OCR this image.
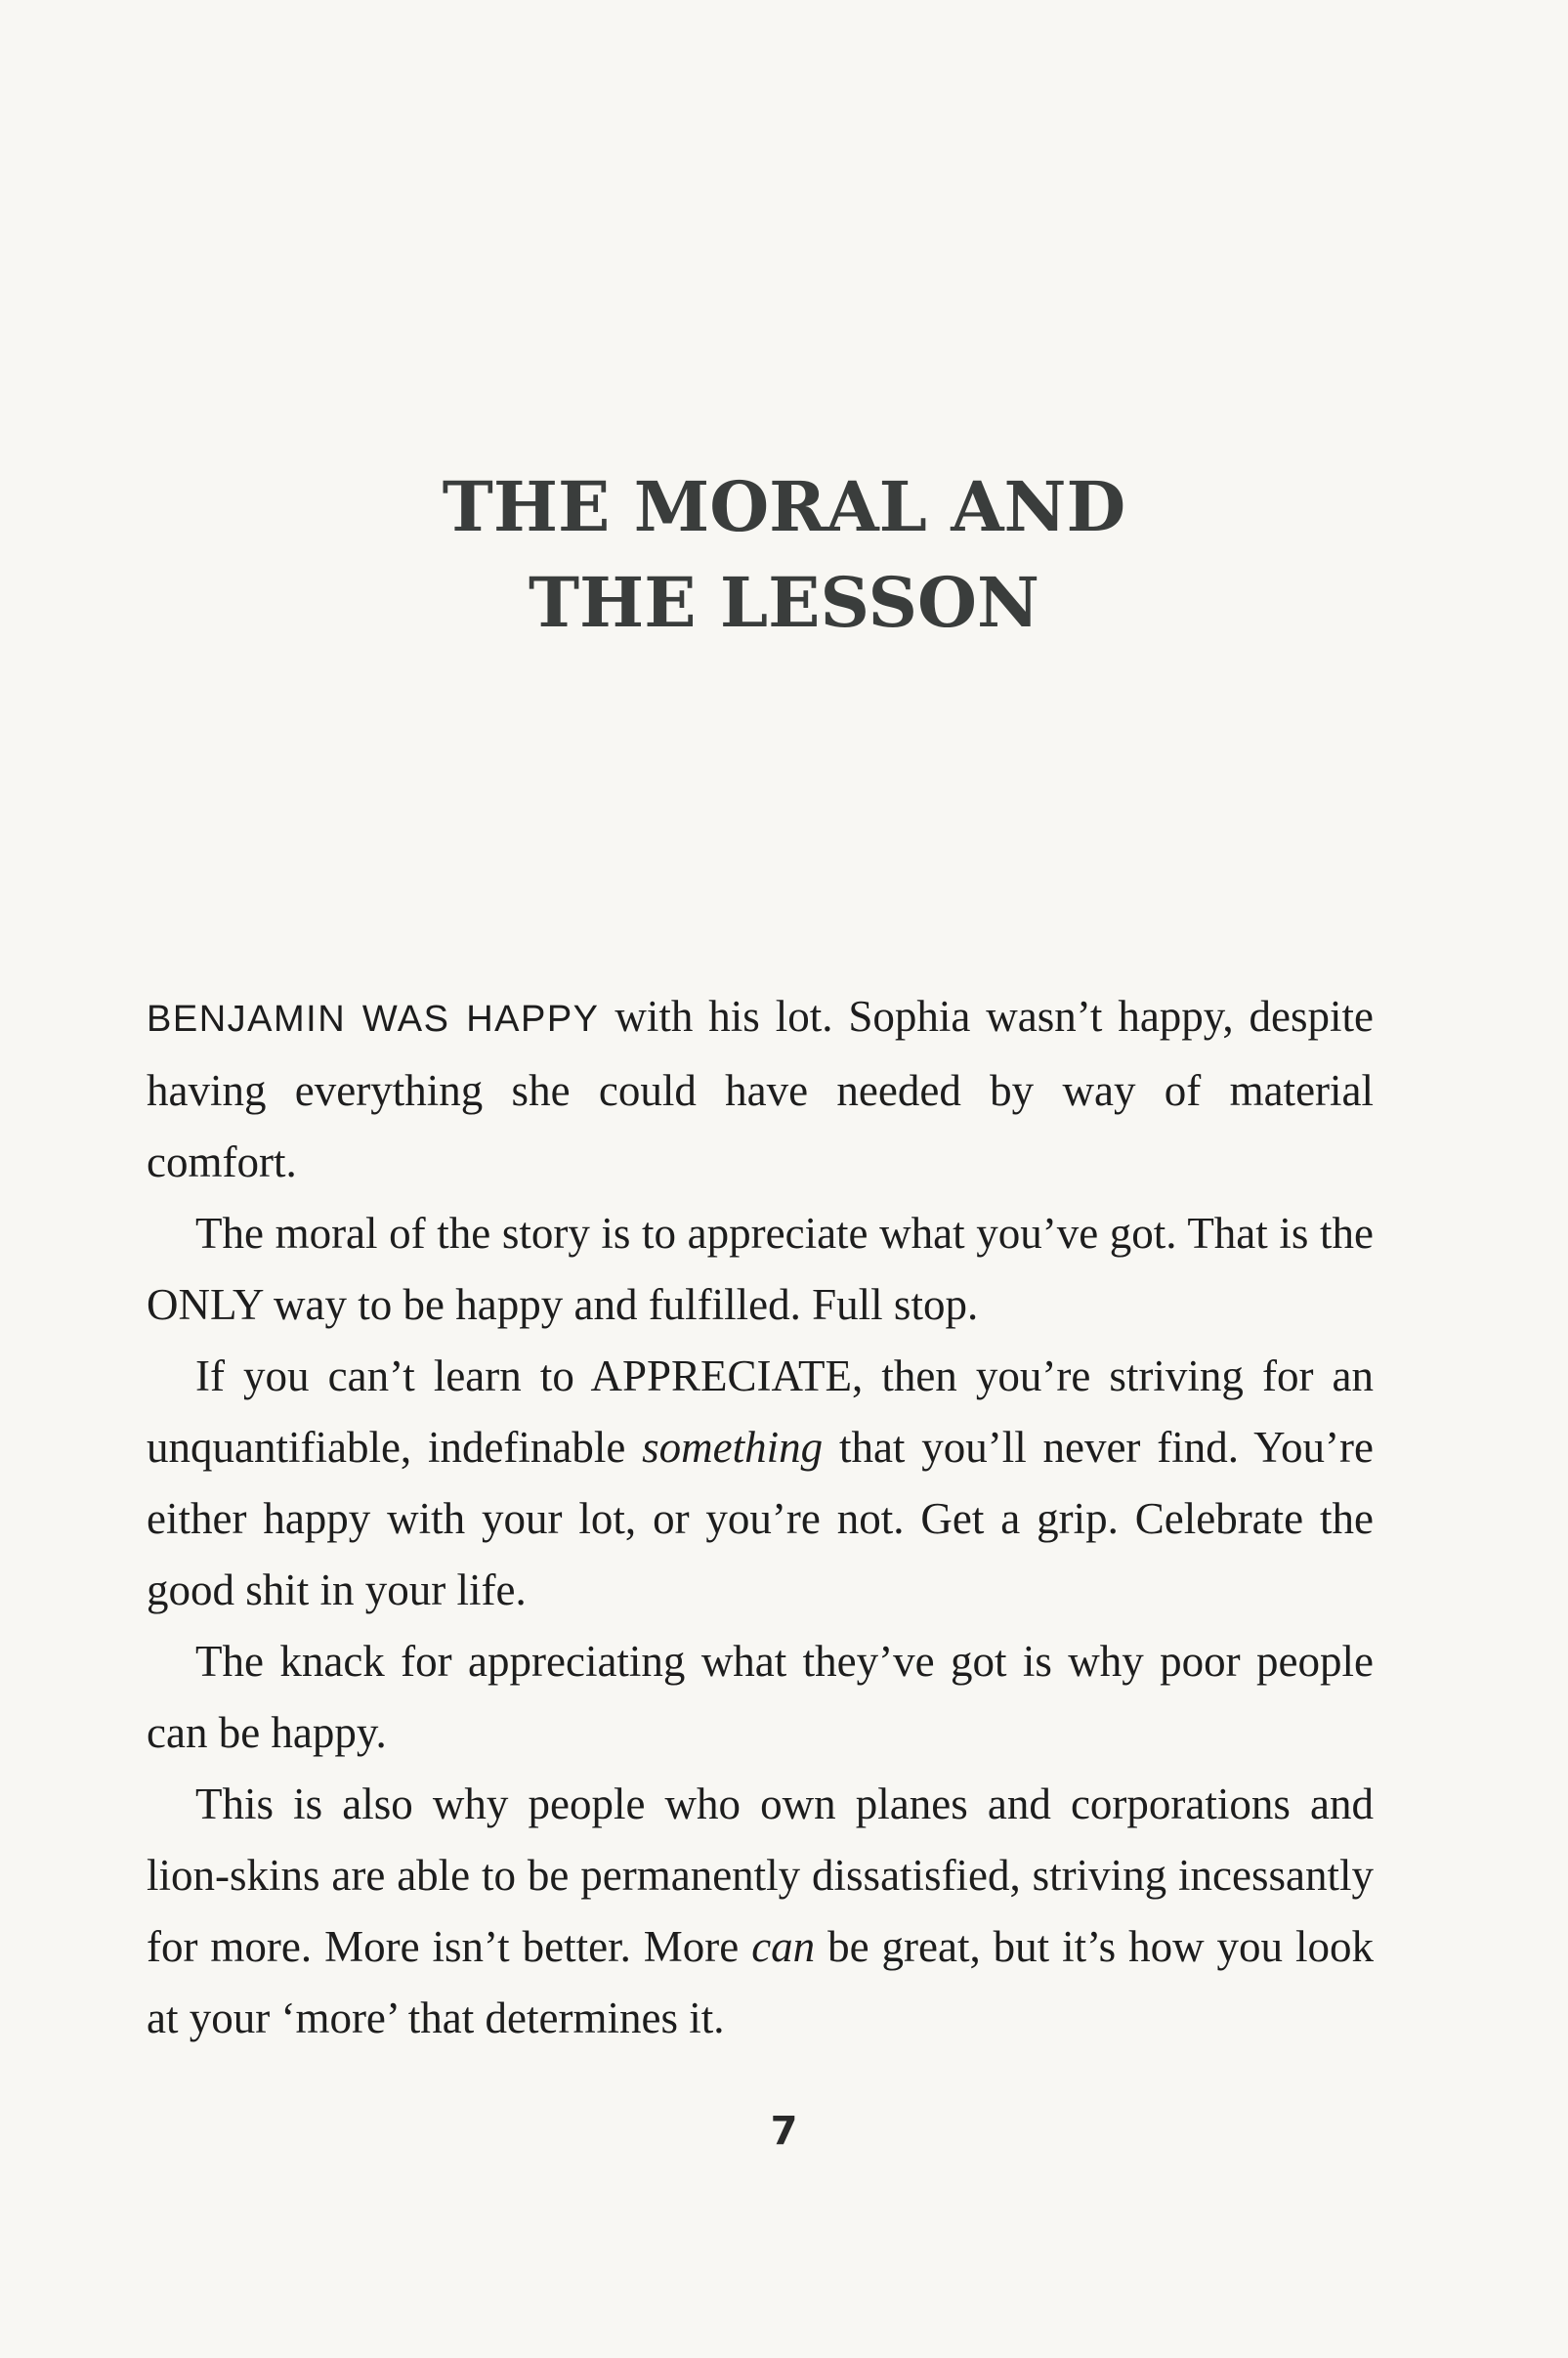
THE MORAL AND
THE LESSON

BENJAMIN WAS HAPPY with his lot. Sophia wasn’t happy, despite having everything she could have needed by way of material comfort.

The moral of the story is to appreciate what you’ve got. That is the ONLY way to be happy and fulfilled. Full stop.

If you can’t learn to APPRECIATE, then you’re striving for an unquantifiable, indefinable something that you’ll never find. You’re either happy with your lot, or you’re not. Get a grip. Celebrate the good shit in your life.

The knack for appreciating what they’ve got is why poor people can be happy.

This is also why people who own planes and corporations and lion-skins are able to be permanently dissatisfied, striving incessantly for more. More isn’t better. More can be great, but it’s how you look at your ‘more’ that determines it.

7
